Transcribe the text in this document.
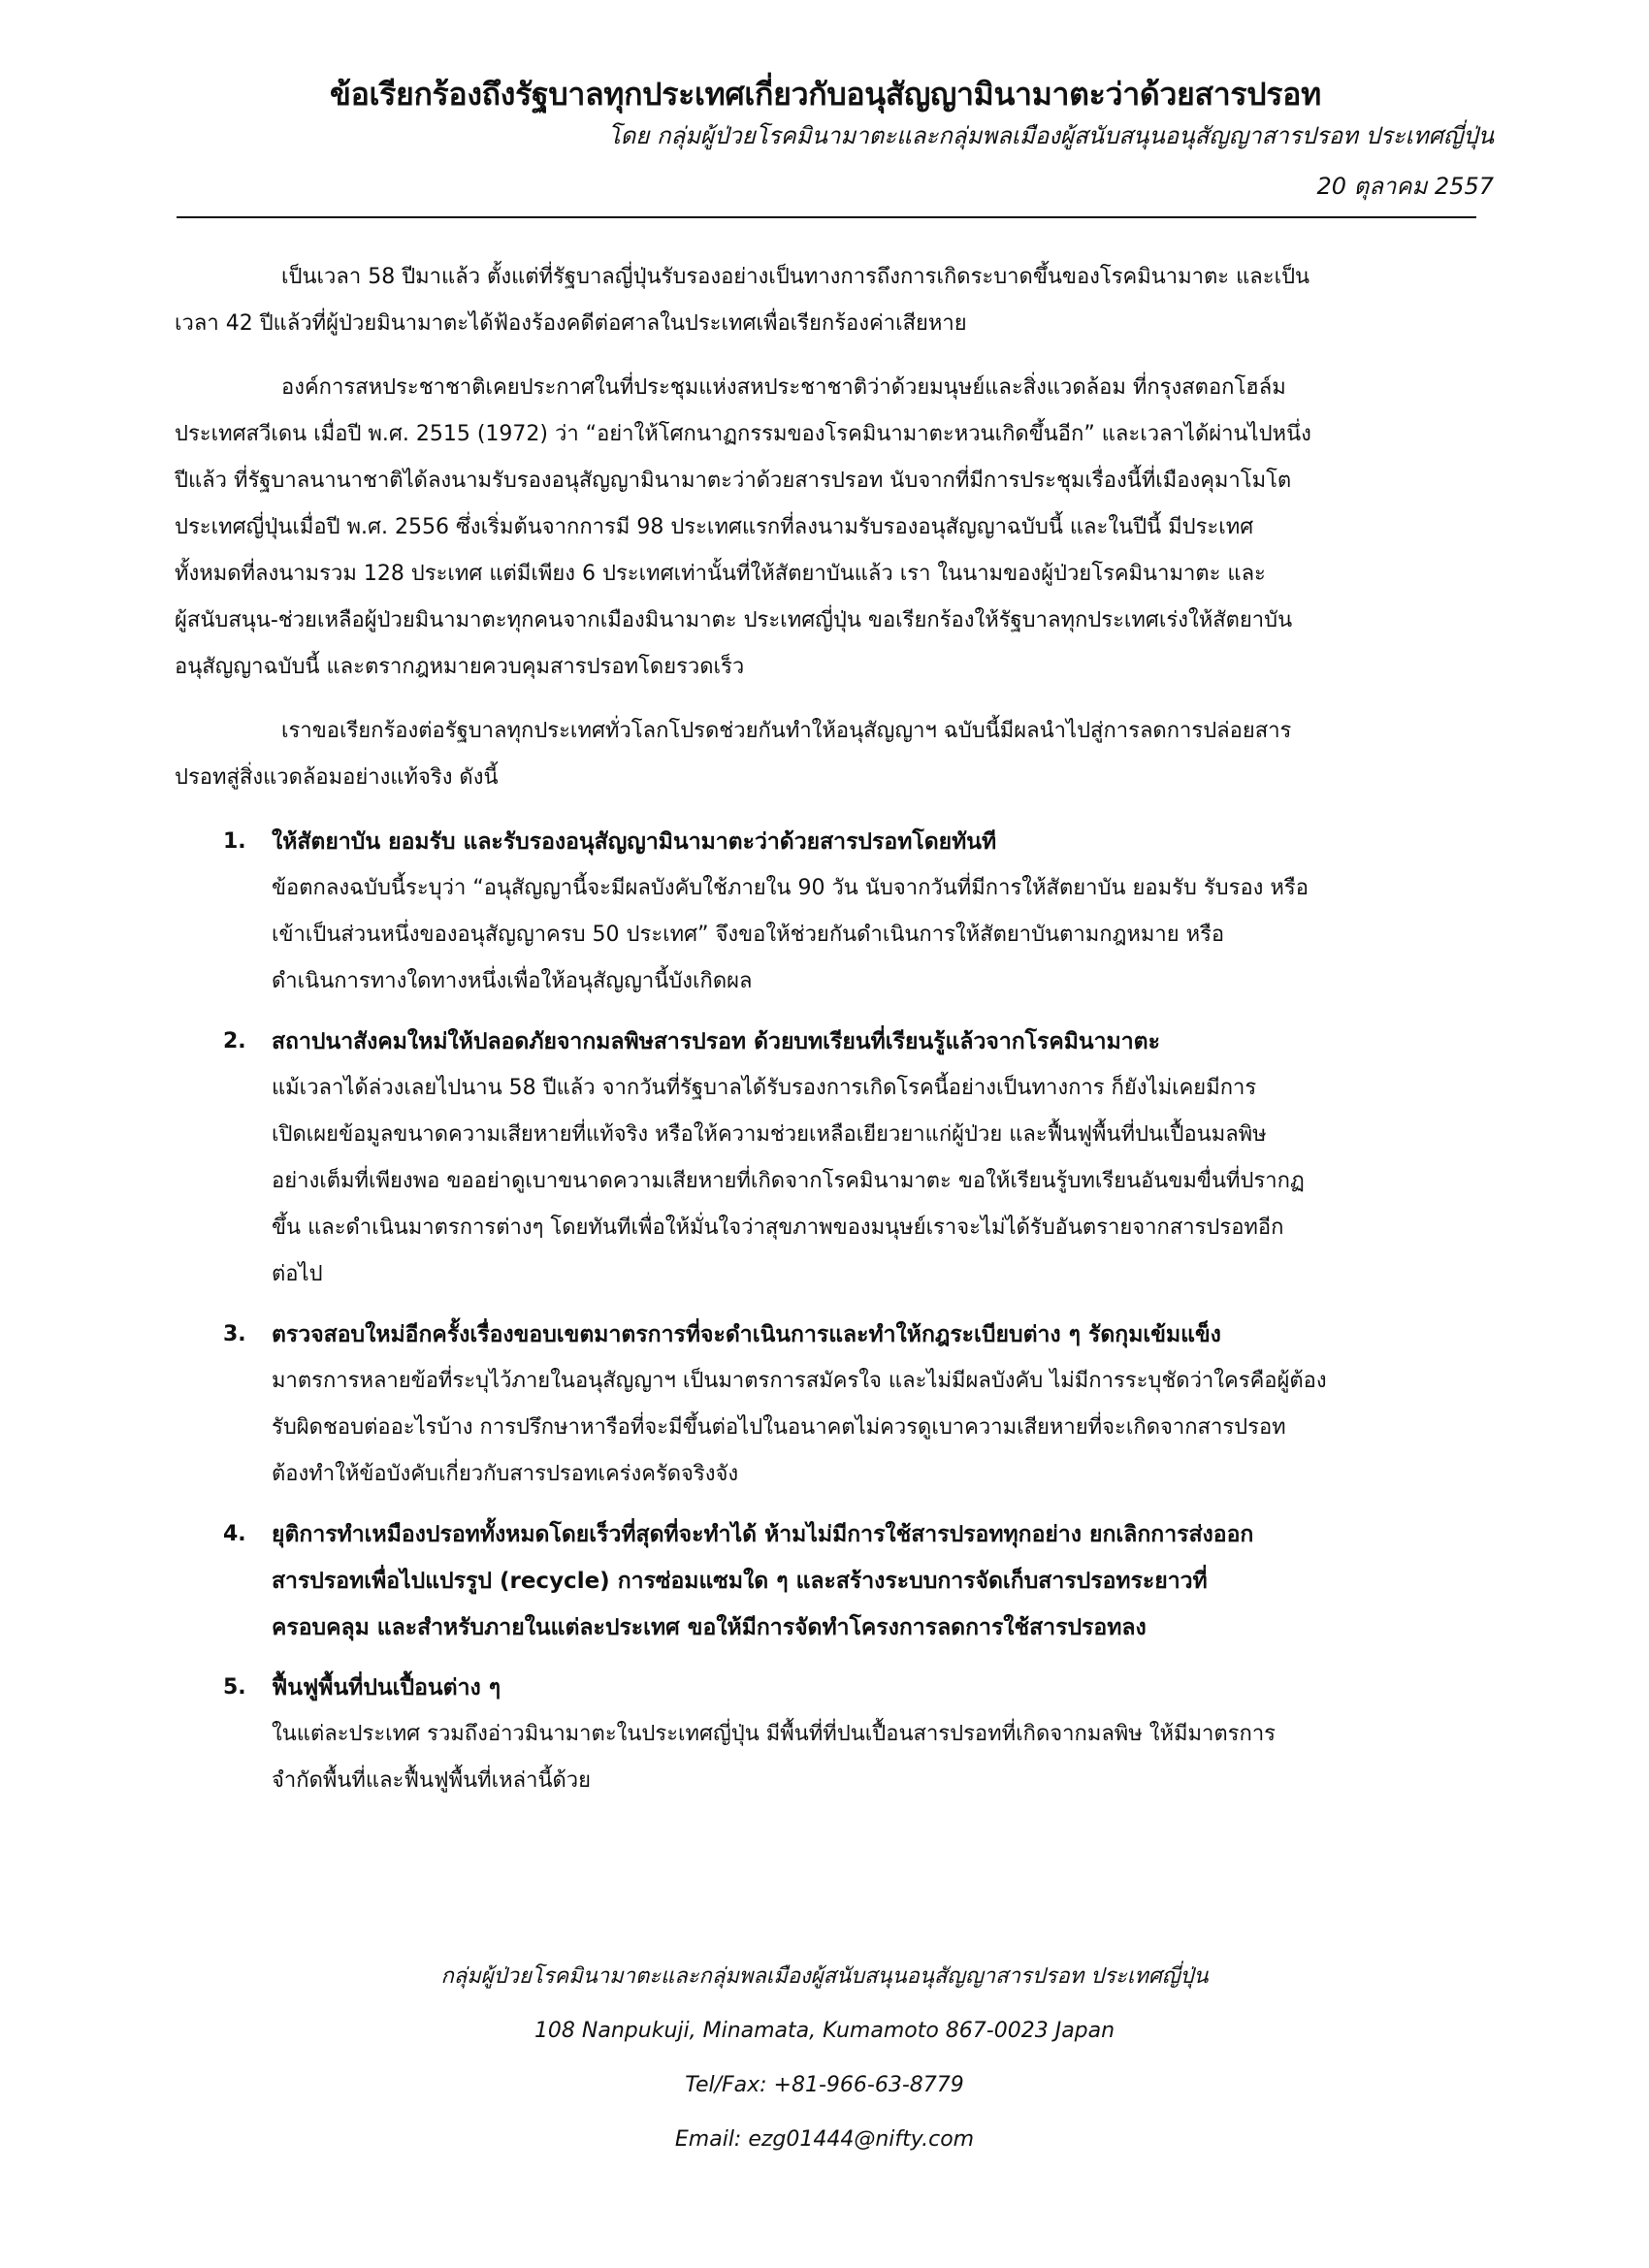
ข้อเรียกร้องถึงรัฐบาลทุกประเทศเกี่ยวกับอนุสัญญามินามาตะว่าด้วยสารปรอท
โดย กลุ่มผู้ป่วยโรคมินามาตะและกลุ่มพลเมืองผู้สนับสนุนอนุสัญญาสารปรอท ประเทศญี่ปุ่น
20 ตุลาคม 2557

เป็นเวลา 58 ปีมาแล้ว ตั้งแต่ที่รัฐบาลญี่ปุ่นรับรองอย่างเป็นทางการถึงการเกิดระบาดขึ้นของโรคมินามาตะ และเป็น
เวลา 42 ปีแล้วที่ผู้ป่วยมินามาตะได้ฟ้องร้องคดีต่อศาลในประเทศเพื่อเรียกร้องค่าเสียหาย

องค์การสหประชาชาติเคยประกาศในที่ประชุมแห่งสหประชาชาติว่าด้วยมนุษย์และสิ่งแวดล้อม ที่กรุงสตอกโฮล์ม
ประเทศสวีเดน เมื่อปี พ.ศ. 2515 (1972) ว่า “อย่าให้โศกนาฏกรรมของโรคมินามาตะหวนเกิดขึ้นอีก” และเวลาได้ผ่านไปหนึ่ง
ปีแล้ว ที่รัฐบาลนานาชาติได้ลงนามรับรองอนุสัญญามินามาตะว่าด้วยสารปรอท นับจากที่มีการประชุมเรื่องนี้ที่เมืองคุมาโมโต
ประเทศญี่ปุ่นเมื่อปี พ.ศ. 2556 ซึ่งเริ่มต้นจากการมี 98 ประเทศแรกที่ลงนามรับรองอนุสัญญาฉบับนี้ และในปีนี้ มีประเทศ
ทั้งหมดที่ลงนามรวม 128 ประเทศ แต่มีเพียง 6 ประเทศเท่านั้นที่ให้สัตยาบันแล้ว เรา ในนามของผู้ป่วยโรคมินามาตะ และ
ผู้สนับสนุน-ช่วยเหลือผู้ป่วยมินามาตะทุกคนจากเมืองมินามาตะ ประเทศญี่ปุ่น ขอเรียกร้องให้รัฐบาลทุกประเทศเร่งให้สัตยาบัน
อนุสัญญาฉบับนี้ และตรากฎหมายควบคุมสารปรอทโดยรวดเร็ว

เราขอเรียกร้องต่อรัฐบาลทุกประเทศทั่วโลกโปรดช่วยกันทำให้อนุสัญญาฯ ฉบับนี้มีผลนำไปสู่การลดการปล่อยสาร
ปรอทสู่สิ่งแวดล้อมอย่างแท้จริง ดังนี้

1. ให้สัตยาบัน ยอมรับ และรับรองอนุสัญญามินามาตะว่าด้วยสารปรอทโดยทันที
ข้อตกลงฉบับนี้ระบุว่า “อนุสัญญานี้จะมีผลบังคับใช้ภายใน 90 วัน นับจากวันที่มีการให้สัตยาบัน ยอมรับ รับรอง หรือ
เข้าเป็นส่วนหนึ่งของอนุสัญญาครบ 50 ประเทศ” จึงขอให้ช่วยกันดำเนินการให้สัตยาบันตามกฎหมาย หรือ
ดำเนินการทางใดทางหนึ่งเพื่อให้อนุสัญญานี้บังเกิดผล
2. สถาปนาสังคมใหม่ให้ปลอดภัยจากมลพิษสารปรอท ด้วยบทเรียนที่เรียนรู้แล้วจากโรคมินามาตะ
แม้เวลาได้ล่วงเลยไปนาน 58 ปีแล้ว จากวันที่รัฐบาลได้รับรองการเกิดโรคนี้อย่างเป็นทางการ ก็ยังไม่เคยมีการ
เปิดเผยข้อมูลขนาดความเสียหายที่แท้จริง หรือให้ความช่วยเหลือเยียวยาแก่ผู้ป่วย และฟื้นฟูพื้นที่ปนเปื้อนมลพิษ
อย่างเต็มที่เพียงพอ ขออย่าดูเบาขนาดความเสียหายที่เกิดจากโรคมินามาตะ ขอให้เรียนรู้บทเรียนอันขมขื่นที่ปรากฏ
ขึ้น และดำเนินมาตรการต่างๆ โดยทันทีเพื่อให้มั่นใจว่าสุขภาพของมนุษย์เราจะไม่ได้รับอันตรายจากสารปรอทอีก
ต่อไป
3. ตรวจสอบใหม่อีกครั้งเรื่องขอบเขตมาตรการที่จะดำเนินการและทำให้กฎระเบียบต่าง ๆ รัดกุมเข้มแข็ง
มาตรการหลายข้อที่ระบุไว้ภายในอนุสัญญาฯ เป็นมาตรการสมัครใจ และไม่มีผลบังคับ ไม่มีการระบุชัดว่าใครคือผู้ต้อง
รับผิดชอบต่ออะไรบ้าง การปรึกษาหารือที่จะมีขึ้นต่อไปในอนาคตไม่ควรดูเบาความเสียหายที่จะเกิดจากสารปรอท
ต้องทำให้ข้อบังคับเกี่ยวกับสารปรอทเคร่งครัดจริงจัง
4. ยุติการทำเหมืองปรอททั้งหมดโดยเร็วที่สุดที่จะทำได้ ห้ามไม่มีการใช้สารปรอททุกอย่าง ยกเลิกการส่งออก
สารปรอทเพื่อไปแปรรูป (recycle) การซ่อมแซมใด ๆ และสร้างระบบการจัดเก็บสารปรอทระยาวที่
ครอบคลุม และสำหรับภายในแต่ละประเทศ ขอให้มีการจัดทำโครงการลดการใช้สารปรอทลง
5. ฟื้นฟูพื้นที่ปนเปื้อนต่าง ๆ
ในแต่ละประเทศ รวมถึงอ่าวมินามาตะในประเทศญี่ปุ่น มีพื้นที่ที่ปนเปื้อนสารปรอทที่เกิดจากมลพิษ ให้มีมาตรการ
จำกัดพื้นที่และฟื้นฟูพื้นที่เหล่านี้ด้วย
กลุ่มผู้ป่วยโรคมินามาตะและกลุ่มพลเมืองผู้สนับสนุนอนุสัญญาสารปรอท ประเทศญี่ปุ่น
108 Nanpukuji, Minamata, Kumamoto 867-0023 Japan
Tel/Fax: +81-966-63-8779
Email: ezg01444@nifty.com
